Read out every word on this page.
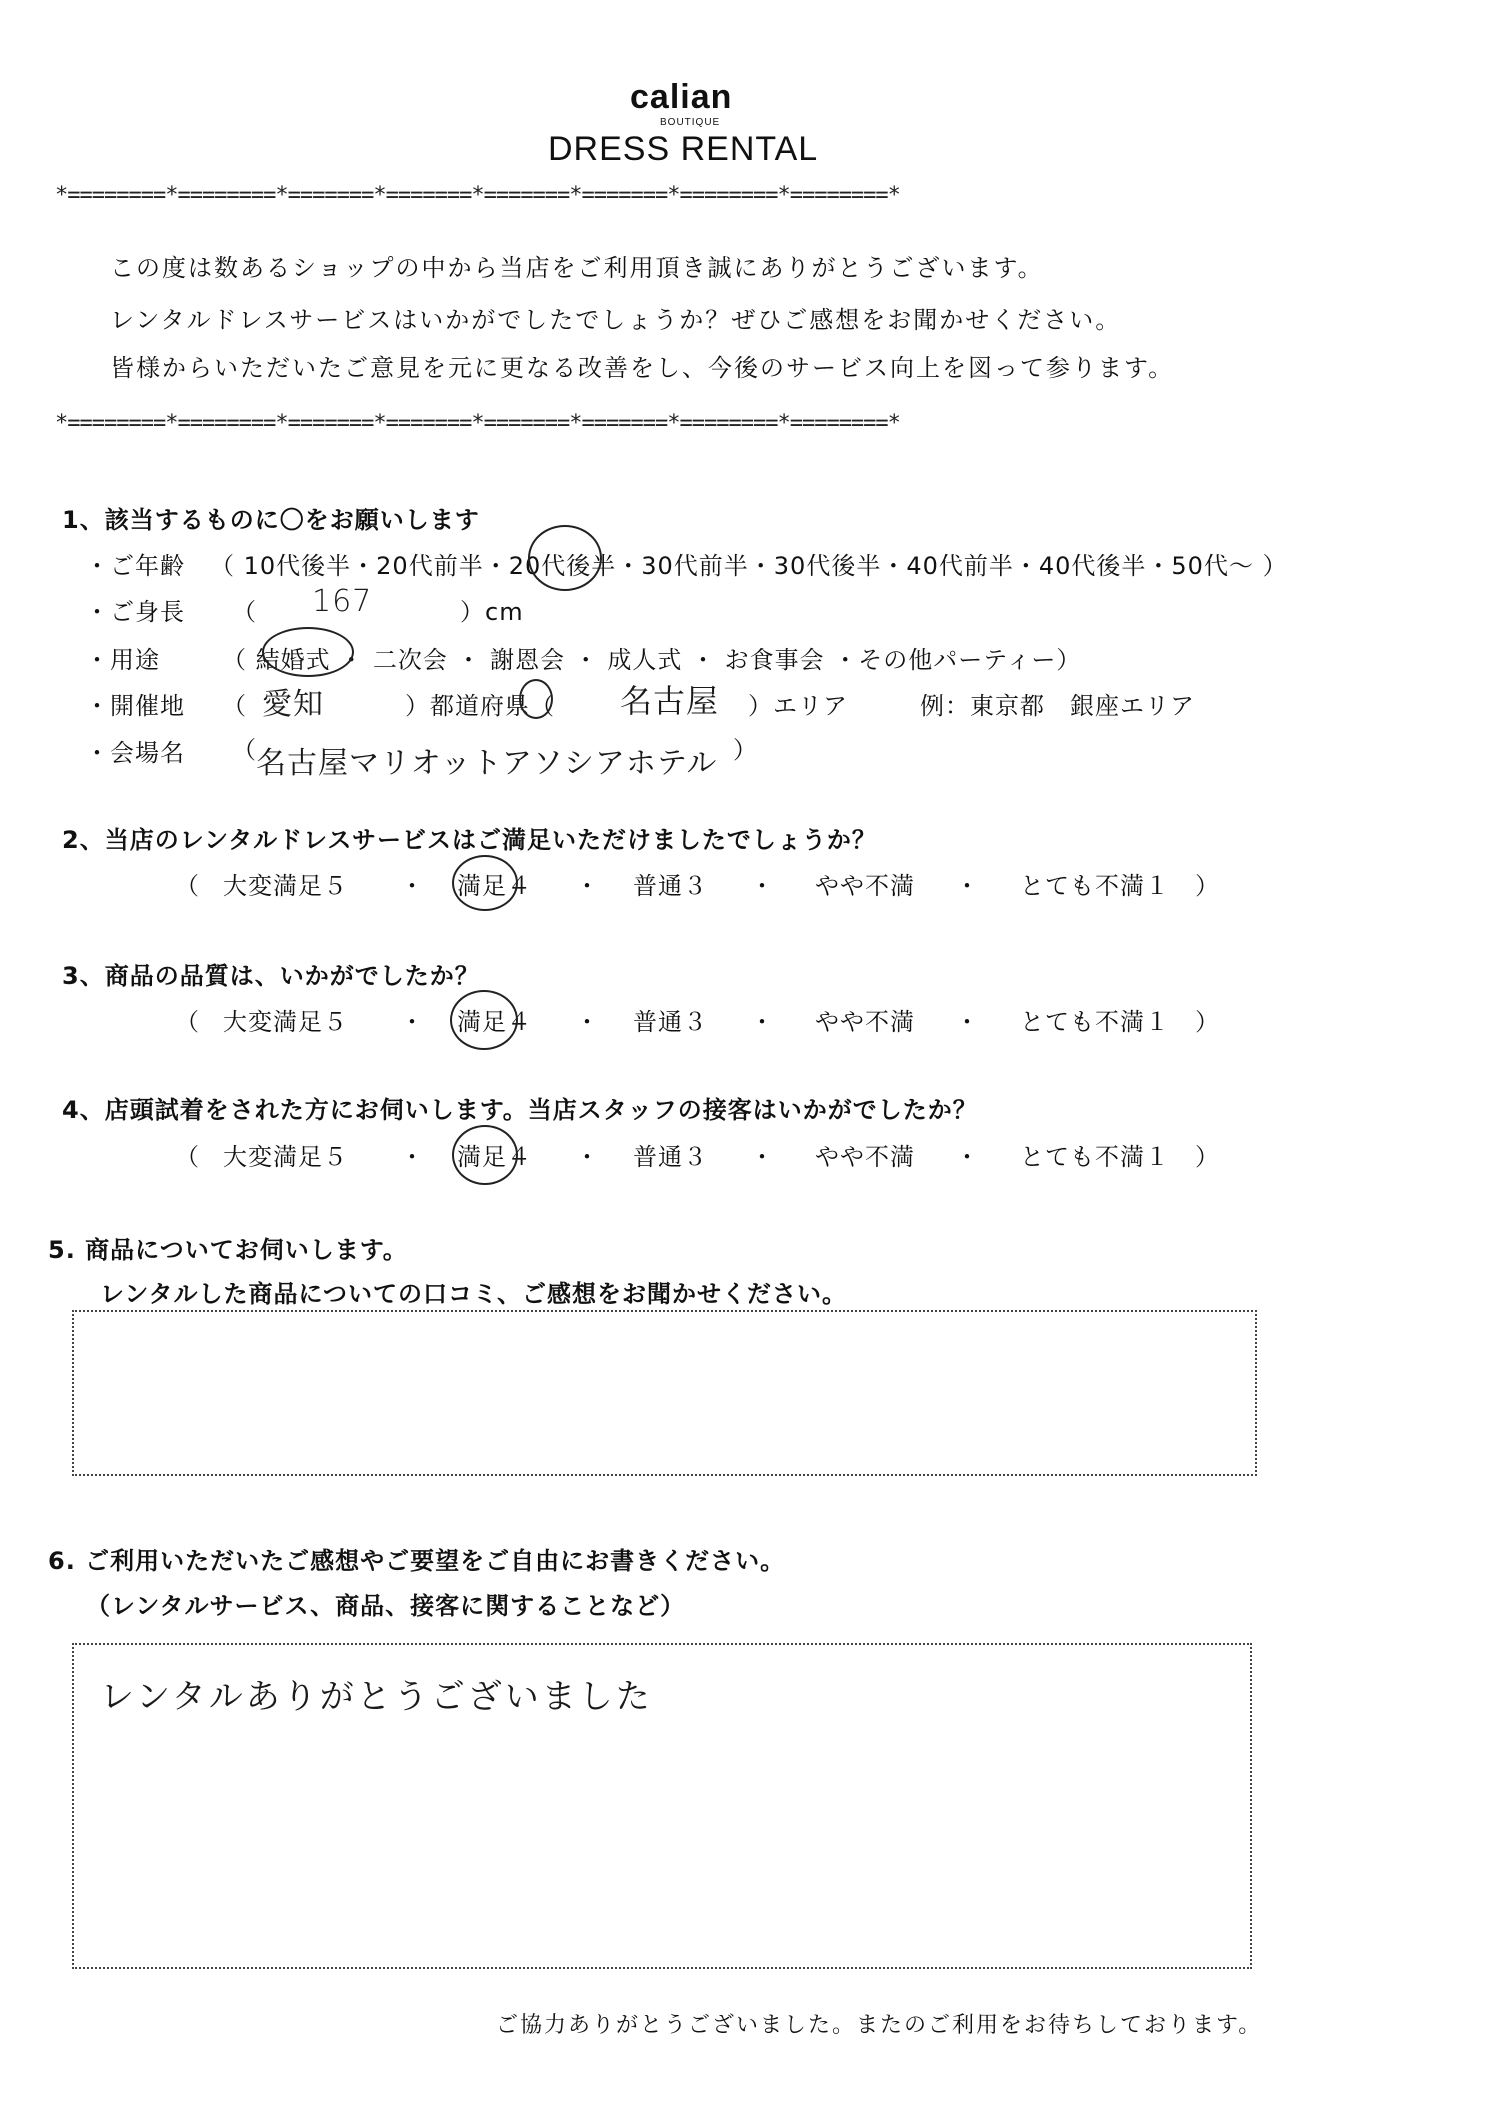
calian
BOUTIQUE
DRESS RENTAL
*========*========*=======*=======*=======*=======*========*========*
*========*========*=======*=======*=======*=======*========*========*
この度は数あるショップの中から当店をご利用頂き誠にありがとうございます。
レンタルドレスサービスはいかがでしたでしょうか？ぜひご感想をお聞かせください。
皆様からいただいたご意見を元に更なる改善をし、今後のサービス向上を図って参ります。
1、該当するものに〇をお願いします
・ご年齢 （ 10代後半・20代前半・20代後半・30代前半・30代後半・40代前半・40代後半・50代〜 ）
・ご身長 （ 167	）cm
・用途	（ 結婚式 ・ 二次会 ・ 謝恩会 ・ 成人式 ・ お食事会 ・その他パーティー）
・開催地 （ 愛知	）都道府県（ 名古屋 ）エリア	例：東京都　銀座エリア
・会場名 （ 名古屋マリオットアソシアホテル ）
2、当店のレンタルドレスサービスはご満足いただけましたでしょうか？
（ 大変満足５ ・ 満足４ ・ 普通３ ・ やや不満 ・ とても不満１ ）
3、商品の品質は、いかがでしたか？
（ 大変満足５ ・ 満足４ ・ 普通３ ・ やや不満 ・ とても不満１ ）
4、店頭試着をされた方にお伺いします。当店スタッフの接客はいかがでしたか？
（ 大変満足５ ・ 満足４ ・ 普通３ ・ やや不満 ・ とても不満１ ）
5. 商品についてお伺いします。
レンタルした商品についての口コミ、ご感想をお聞かせください。
6. ご利用いただいたご感想やご要望をご自由にお書きください。
（レンタルサービス、商品、接客に関することなど）
レンタルありがとうございました
ご協力ありがとうございました。またのご利用をお待ちしております。
